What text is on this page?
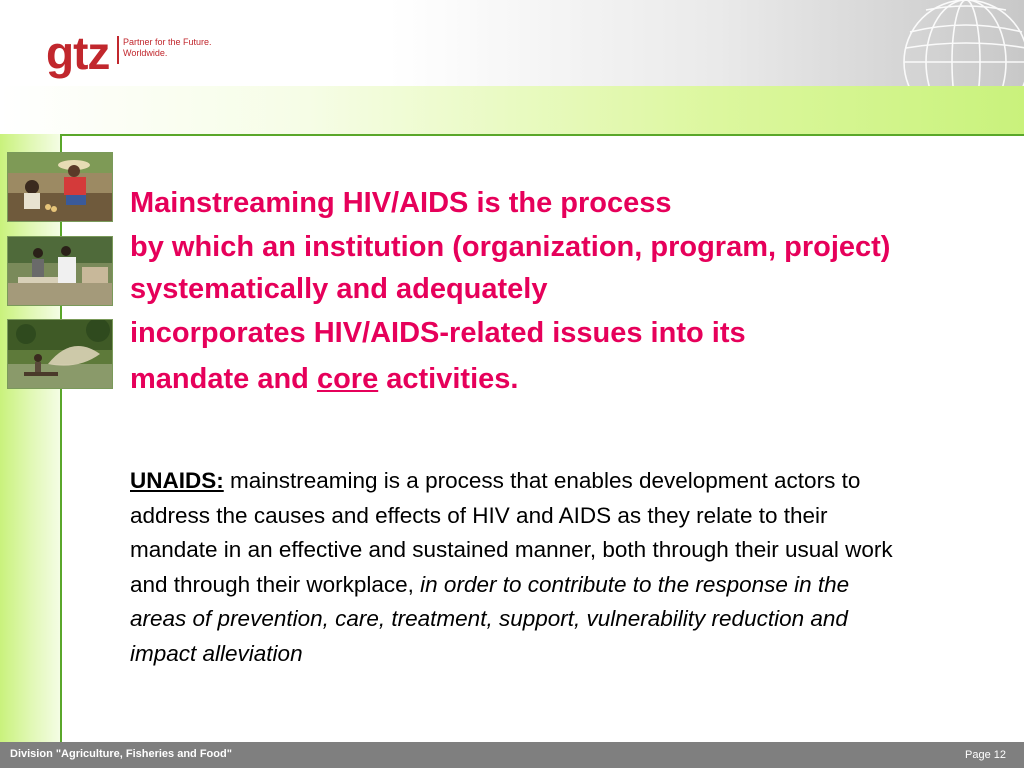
gtz Partner for the Future.
Worldwide.

Mainstreaming HIV/AIDS is the process

by which an institution (organization, program, project) systematically and adequately

incorporates HIV/AIDS-related issues into its

mandate and core activities.

UNAIDS: mainstreaming is a process that enables development actors to address the causes and effects of HIV and AIDS as they relate to their mandate in an effective and sustained manner, both through their usual work and through their workplace, in order to contribute to the response in the areas of prevention, care, treatment, support, vulnerability reduction and impact alleviation
Division "Agriculture, Fisheries and Food"	Page 12
